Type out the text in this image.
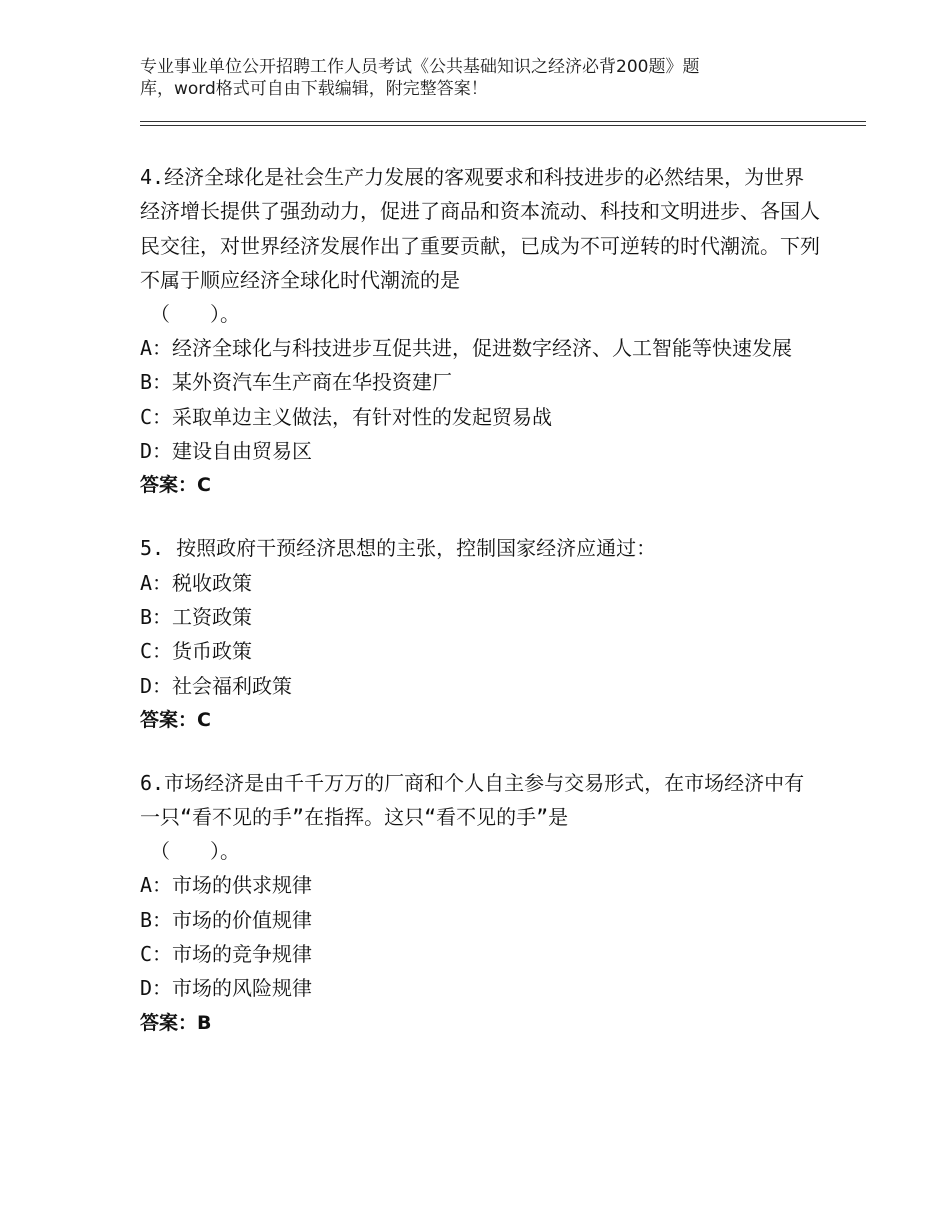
专业事业单位公开招聘工作人员考试《公共基础知识之经济必背200题》题
库，word格式可自由下载编辑，附完整答案！

4.经济全球化是社会生产力发展的客观要求和科技进步的必然结果，为世界经济增长提供了强劲动力，促进了商品和资本流动、科技和文明进步、各国人民交往，对世界经济发展作出了重要贡献，已成为不可逆转的时代潮流。下列不属于顺应经济全球化时代潮流的是

（　　）。
A：经济全球化与科技进步互促共进，促进数字经济、人工智能等快速发展
B：某外资汽车生产商在华投资建厂
C：采取单边主义做法，有针对性的发起贸易战
D：建设自由贸易区
答案：C

5. 按照政府干预经济思想的主张，控制国家经济应通过：

A：税收政策
B：工资政策
C：货币政策
D：社会福利政策
答案：C

6.市场经济是由千千万万的厂商和个人自主参与交易形式，在市场经济中有一只“看不见的手”在指挥。这只“看不见的手”是

（　　）。
A：市场的供求规律
B：市场的价值规律
C：市场的竞争规律
D：市场的风险规律
答案：B
